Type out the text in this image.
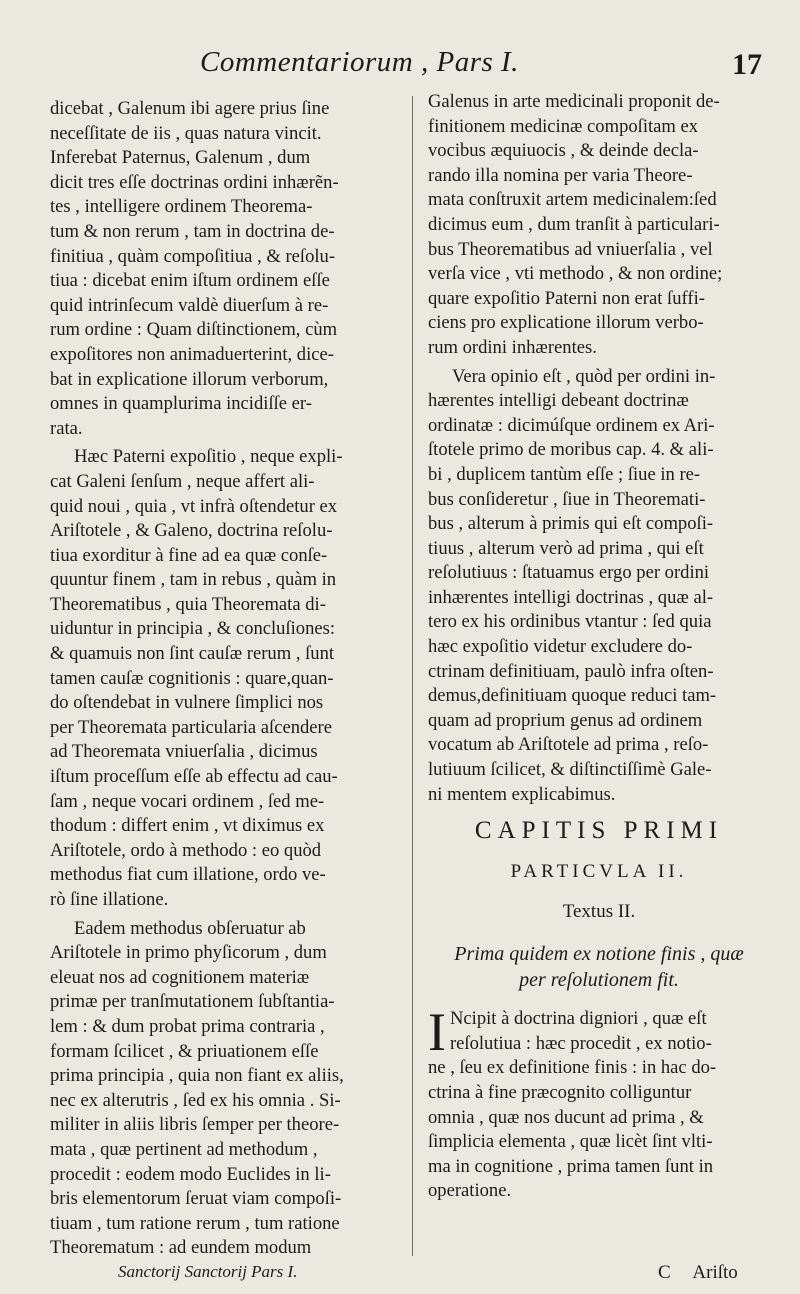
Commentariorum , Pars I.	17
dicebat , Galenum ibi agere prius ſine
neceſſitate de iis , quas natura vincit.
Inferebat Paternus, Galenum , dum
dicit tres eſſe doctrinas ordini inhærẽn-
tes , intelligere ordinem Theorema-
tum & non rerum , tam in doctrina de-
finitiua , quàm compoſitiua , & reſolu-
tiua : dicebat enim iſtum ordinem eſſe
quid intrinſecum valdè diuerſum à re-
rum ordine : Quam diſtinctionem, cùm
expoſitores non animaduerterint, dice-
bat in explicatione illorum verborum,
omnes in quamplurima incidiſſe er-
rata.
Hæc Paterni expoſitio , neque expli-
cat Galeni ſenſum , neque affert ali-
quid noui , quia , vt infrà oſtendetur ex
Ariſtotele , & Galeno, doctrina reſolu-
tiua exorditur à fine ad ea quæ conſe-
quuntur finem , tam in rebus , quàm in
Theorematibus , quia Theoremata di-
uiduntur in principia , & concluſiones:
& quamuis non ſint cauſæ rerum , ſunt
tamen cauſæ cognitionis : quare,quan-
do oſtendebat in vulnere ſimplici nos
per Theoremata particularia aſcendere
ad Theoremata vniuerſalia , dicimus
iſtum proceſſum eſſe ab effectu ad cau-
ſam , neque vocari ordinem , ſed me-
thodum : differt enim , vt diximus ex
Ariſtotele, ordo à methodo : eo quòd
methodus fiat cum illatione, ordo ve-
rò ſine illatione.
Eadem methodus obſeruatur ab
Ariſtotele in primo phyſicorum , dum
eleuat nos ad cognitionem materiæ
primæ per tranſmutationem ſubſtantia-
lem : & dum probat prima contraria ,
formam ſcilicet , & priuationem eſſe
prima principia , quia non fiant ex aliis,
nec ex alterutris , ſed ex his omnia . Si-
militer in aliis libris ſemper per theore-
mata , quæ pertinent ad methodum ,
procedit : eodem modo Euclides in li-
bris elementorum ſeruat viam compoſi-
tiuam , tum ratione rerum , tum ratione
Theorematum : ad eundem modum
Galenus in arte medicinali proponit de-
finitionem medicinæ compoſitam ex
vocibus æquiuocis , & deinde decla-
rando illa nomina per varia Theore-
mata conſtruxit artem medicinalem:ſed
dicimus eum , dum tranſit à particulari-
bus Theorematibus ad vniuerſalia , vel
verſa vice , vti methodo , & non ordine;
quare expoſitio Paterni non erat ſuffi-
ciens pro explicatione illorum verbo-
rum ordini inhærentes.
Vera opinio eſt , quòd per ordini in-
hærentes intelligi debeant doctrinæ
ordinatæ : dicimúſque ordinem ex Ari-
ſtotele primo de moribus cap. 4. & ali-
bi , duplicem tantùm eſſe ; ſiue in re-
bus conſideretur , ſiue in Theoremati-
bus , alterum à primis qui eſt compoſi-
tiuus , alterum verò ad prima , qui eſt
reſolutiuus : ſtatuamus ergo per ordini
inhærentes intelligi doctrinas , quæ al-
tero ex his ordinibus vtantur : ſed quia
hæc expoſitio videtur excludere do-
ctrinam definitiuam, paulò infra oſten-
demus,definitiuam quoque reduci tam-
quam ad proprium genus ad ordinem
vocatum ab Ariſtotele ad prima , reſo-
lutiuum ſcilicet, & diſtinctiſſimè Gale-
ni mentem explicabimus.
CAPITIS PRIMI
PARTICVLA II.
Textus II.
Prima quidem ex notione finis , quæ
per reſolutionem fit.
I Ncipit à doctrina digniori , quæ eſt
reſolutiua : hæc procedit , ex notio-
ne , ſeu ex definitione finis : in hac do-
ctrina à fine præcognito colliguntur
omnia , quæ nos ducunt ad prima , &
ſimplicia elementa , quæ licèt ſint vlti-
ma in cognitione , prima tamen ſunt in
operatione.
Sanctorij Sanctorij Pars I.	C Ariſto
